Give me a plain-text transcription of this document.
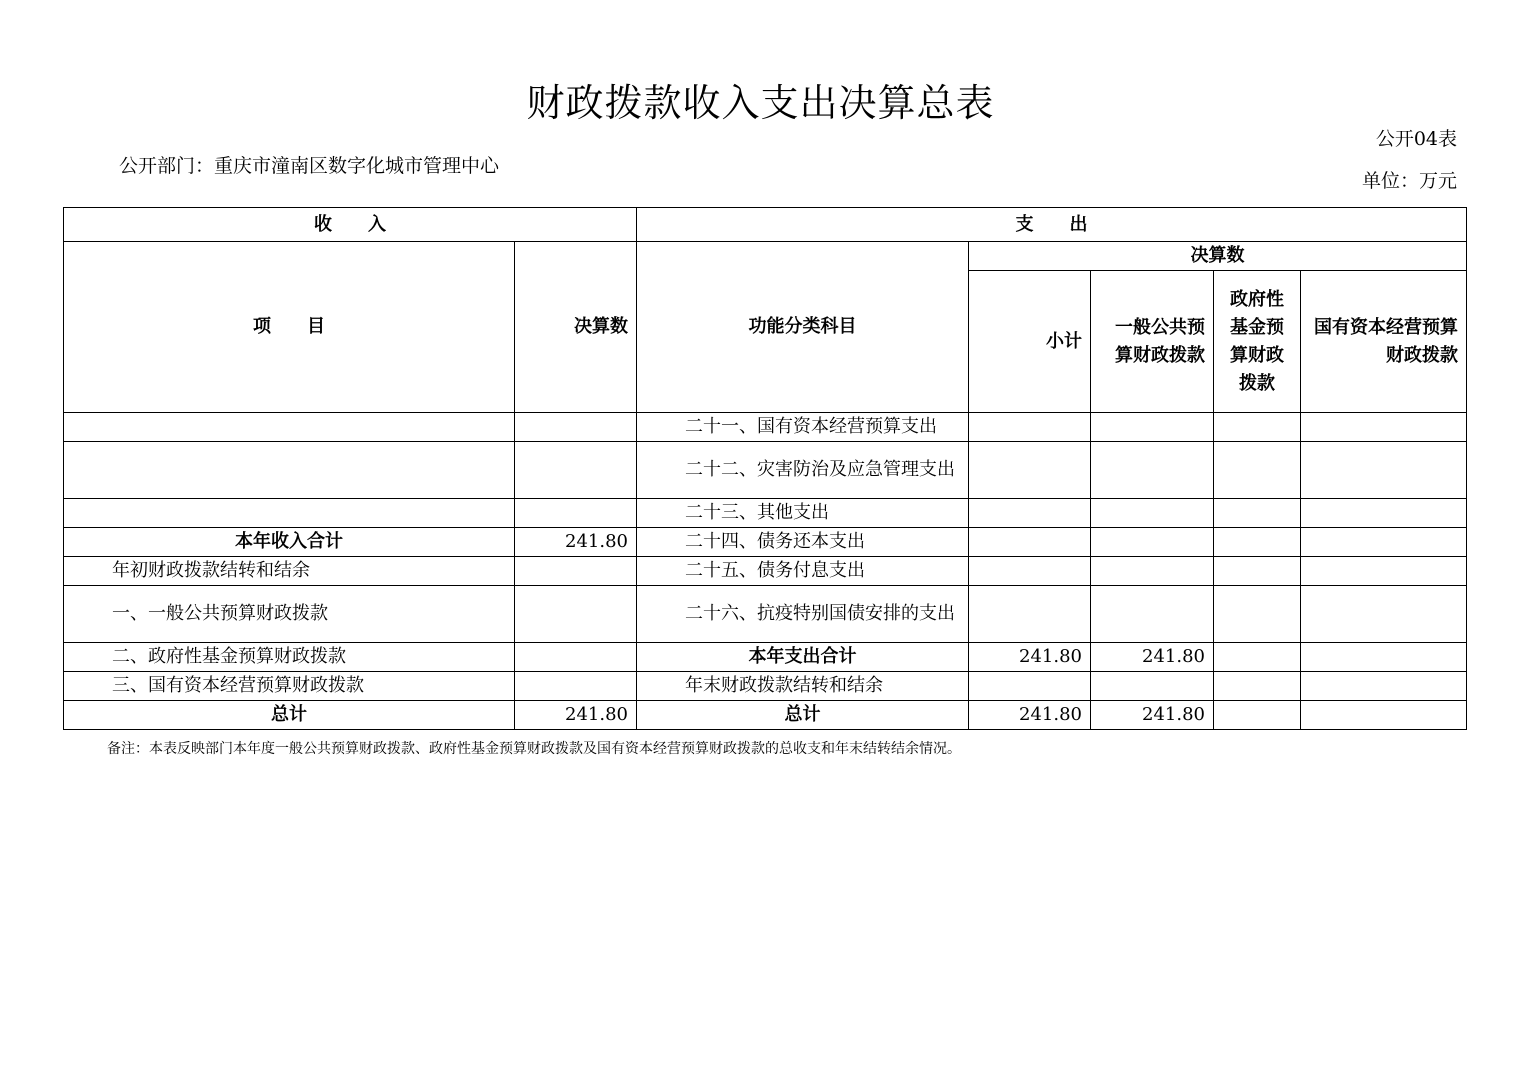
财政拨款收入支出决算总表
公开04表
公开部门：重庆市潼南区数字化城市管理中心
单位：万元
收　　入		支　　出				
项　　目	决算数	功能分类科目	决算数			
			小计	一般公共预算财政拨款	政府性基金预算财政拨款	国有资本经营预算财政拨款
		二十一、国有资本经营预算支出				
		二十二、灾害防治及应急管理支出				
		二十三、其他支出				
本年收入合计	241.80	二十四、债务还本支出				
年初财政拨款结转和结余		二十五、债务付息支出				
一、一般公共预算财政拨款		二十六、抗疫特别国债安排的支出				
二、政府性基金预算财政拨款		本年支出合计	241.80	241.80		
三、国有资本经营预算财政拨款		年末财政拨款结转和结余				
总计	241.80	总计	241.80	241.80		
备注：本表反映部门本年度一般公共预算财政拨款、政府性基金预算财政拨款及国有资本经营预算财政拨款的总收支和年末结转结余情况。
